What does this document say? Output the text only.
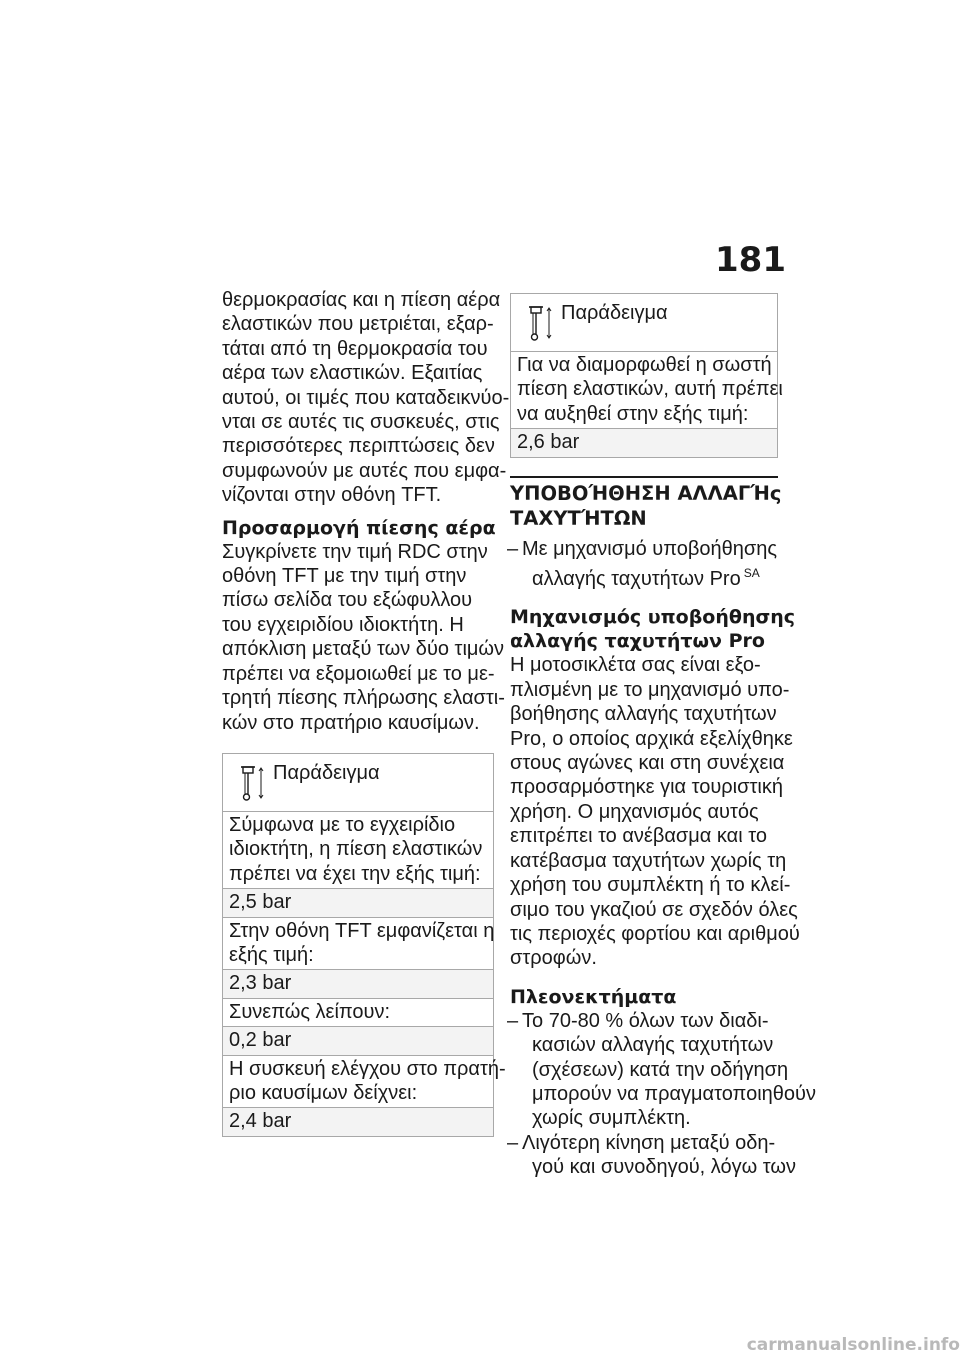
181
θερμοκρασίας και η πίεση αέρα
ελαστικών που μετριέται, εξαρ-
τάται από τη θερμοκρασία του
αέρα των ελαστικών. Εξαιτίας
αυτού, οι τιμές που καταδεικνύο-
νται σε αυτές τις συσκευές, στις
περισσότερες περιπτώσεις δεν
συμφωνούν με αυτές που εμφα-
νίζονται στην οθόνη TFT.
Προσαρμογή πίεσης αέρα
Συγκρίνετε την τιμή RDC στην
οθόνη TFT με την τιμή στην
πίσω σελίδα του εξώφυλλου
του εγχειριδίου ιδιοκτήτη. Η
απόκλιση μεταξύ των δύο τιμών
πρέπει να εξομοιωθεί με το με-
τρητή πίεσης πλήρωσης ελαστι-
κών στο πρατήριο καυσίμων.
Παράδειγμα
Σύμφωνα με το εγχειρίδιο
ιδιοκτήτη, η πίεση ελαστικών
πρέπει να έχει την εξής τιμή:
2,5 bar
Στην οθόνη TFT εμφανίζεται η
εξής τιμή:
2,3 bar
Συνεπώς λείπουν:
0,2 bar
Η συσκευή ελέγχου στο πρατή-
ριο καυσίμων δείχνει:
2,4 bar
Παράδειγμα
Για να διαμορφωθεί η σωστή
πίεση ελαστικών, αυτή πρέπει
να αυξηθεί στην εξής τιμή:
2,6 bar
ΥΠΟΒΟΉΘΗΣΗ ΑΛΛΑΓΉς
ΤΑΧΥΤΉΤΩΝ
– Με μηχανισμό υποβοήθησης
αλλαγής ταχυτήτων Pro $^{SA}$
Μηχανισμός υποβοήθησης
αλλαγής ταχυτήτων Pro
Η μοτοσικλέτα σας είναι εξο-
πλισμένη με το μηχανισμό υπο-
βοήθησης αλλαγής ταχυτήτων
Pro, ο οποίος αρχικά εξελίχθηκε
στους αγώνες και στη συνέχεια
προσαρμόστηκε για τουριστική
χρήση. Ο μηχανισμός αυτός
επιτρέπει το ανέβασμα και το
κατέβασμα ταχυτήτων χωρίς τη
χρήση του συμπλέκτη ή το κλεί-
σιμο του γκαζιού σε σχεδόν όλες
τις περιοχές φορτίου και αριθμού
στροφών.
Πλεονεκτήματα
– Το 70-80 % όλων των διαδι-
κασιών αλλαγής ταχυτήτων
(σχέσεων) κατά την οδήγηση
μπορούν να πραγματοποιηθούν
χωρίς συμπλέκτη.
– Λιγότερη κίνηση μεταξύ οδη-
γού και συνοδηγού, λόγω των
carmanualsonline.info
